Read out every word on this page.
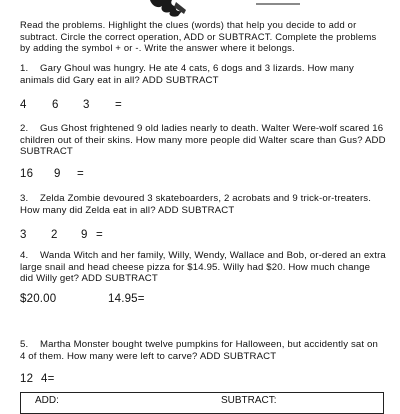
Read the problems. Highlight the clues (words) that help you decide to add or subtract. Circle the correct operation, ADD or SUBTRACT. Complete the problems by adding the symbol + or -. Write the answer where it belongs.
1. Gary Ghoul was hungry. He ate 4 cats, 6 dogs and 3 lizards. How many animals did Gary eat in all? ADD SUBTRACT
4 6 3 =
2. Gus Ghost frightened 9 old ladies nearly to death. Walter Were-wolf scared 16 children out of their skins. How many more people did Walter scare than Gus? ADD SUBTRACT
16 9 =
3. Zelda Zombie devoured 3 skateboarders, 2 acrobats and 9 trick-or-treaters. How many did Zelda eat in all? ADD SUBTRACT
3 2 9 =
4. Wanda Witch and her family, Willy, Wendy, Wallace and Bob, or-dered an extra large snail and head cheese pizza for $14.95. Willy had $20. How much change did Willy get? ADD SUBTRACT
$20.00	14.95=
5. Martha Monster bought twelve pumpkins for Halloween, but accidently sat on 4 of them. How many were left to carve? ADD SUBTRACT
12 4=
ADD:	SUBTRACT:
